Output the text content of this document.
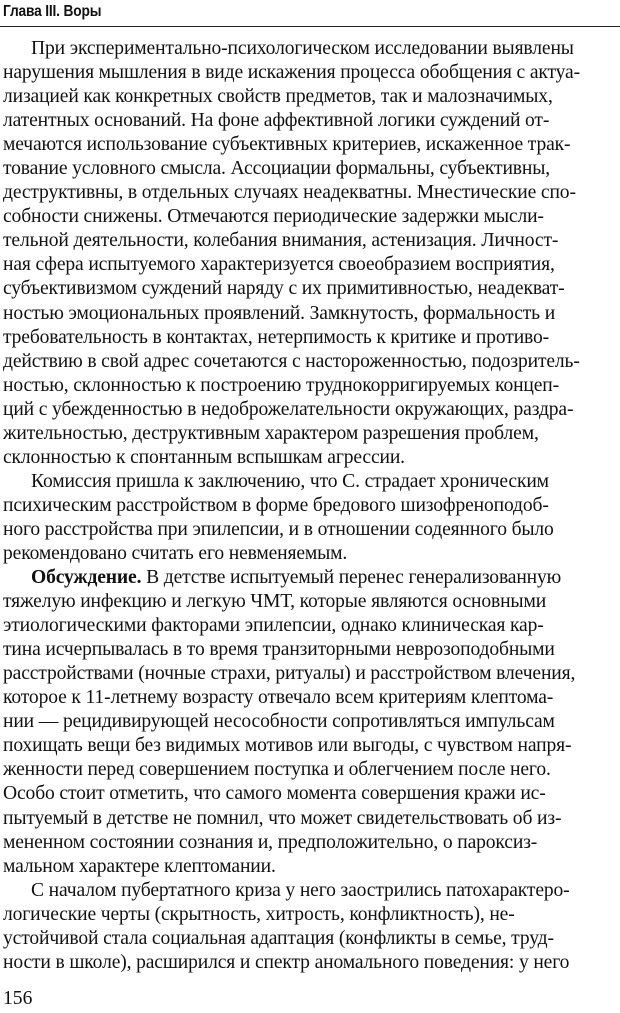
Глава III. Воры
При экспериментально-психологическом исследовании выявлены
нарушения мышления в виде искажения процесса обобщения с актуа-
лизацией как конкретных свойств предметов, так и малозначимых,
латентных оснований. На фоне аффективной логики суждений от-
мечаются использование субъективных критериев, искаженное трак-
тование условного смысла. Ассоциации формальны, субъективны,
деструктивны, в отдельных случаях неадекватны. Мнестические спо-
собности снижены. Отмечаются периодические задержки мысли-
тельной деятельности, колебания внимания, астенизация. Личност-
ная сфера испытуемого характеризуется своеобразием восприятия,
субъективизмом суждений наряду с их примитивностью, неадекват-
ностью эмоциональных проявлений. Замкнутость, формальность и
требовательность в контактах, нетерпимость к критике и противо-
действию в свой адрес сочетаются с настороженностью, подозритель-
ностью, склонностью к построению труднокорригируемых концеп-
ций с убежденностью в недоброжелательности окружающих, раздра-
жительностью, деструктивным характером разрешения проблем,
склонностью к спонтанным вспышкам агрессии.
Комиссия пришла к заключению, что С. страдает хроническим
психическим расстройством в форме бредового шизофреноподоб-
ного расстройства при эпилепсии, и в отношении содеянного было
рекомендовано считать его невменяемым.
Обсуждение. В детстве испытуемый перенес генерализованную
тяжелую инфекцию и легкую ЧМТ, которые являются основными
этиологическими факторами эпилепсии, однако клиническая кар-
тина исчерпывалась в то время транзиторными неврозоподобными
расстройствами (ночные страхи, ритуалы) и расстройством влечения,
которое к 11-летнему возрасту отвечало всем критериям клептома-
нии — рецидивирующей несособности сопротивляться импульсам
похищать вещи без видимых мотивов или выгоды, с чувством напря-
женности перед совершением поступка и облегчением после него.
Особо стоит отметить, что самого момента совершения кражи ис-
пытуемый в детстве не помнил, что может свидетельствовать об из-
мененном состоянии сознания и, предположительно, о пароксиз-
мальном характере клептомании.
С началом пубертатного криза у него заострились патохарактеро-
логические черты (скрытность, хитрость, конфликтность), не-
устойчивой стала социальная адаптация (конфликты в семье, труд-
ности в школе), расширился и спектр аномального поведения: у него
156
